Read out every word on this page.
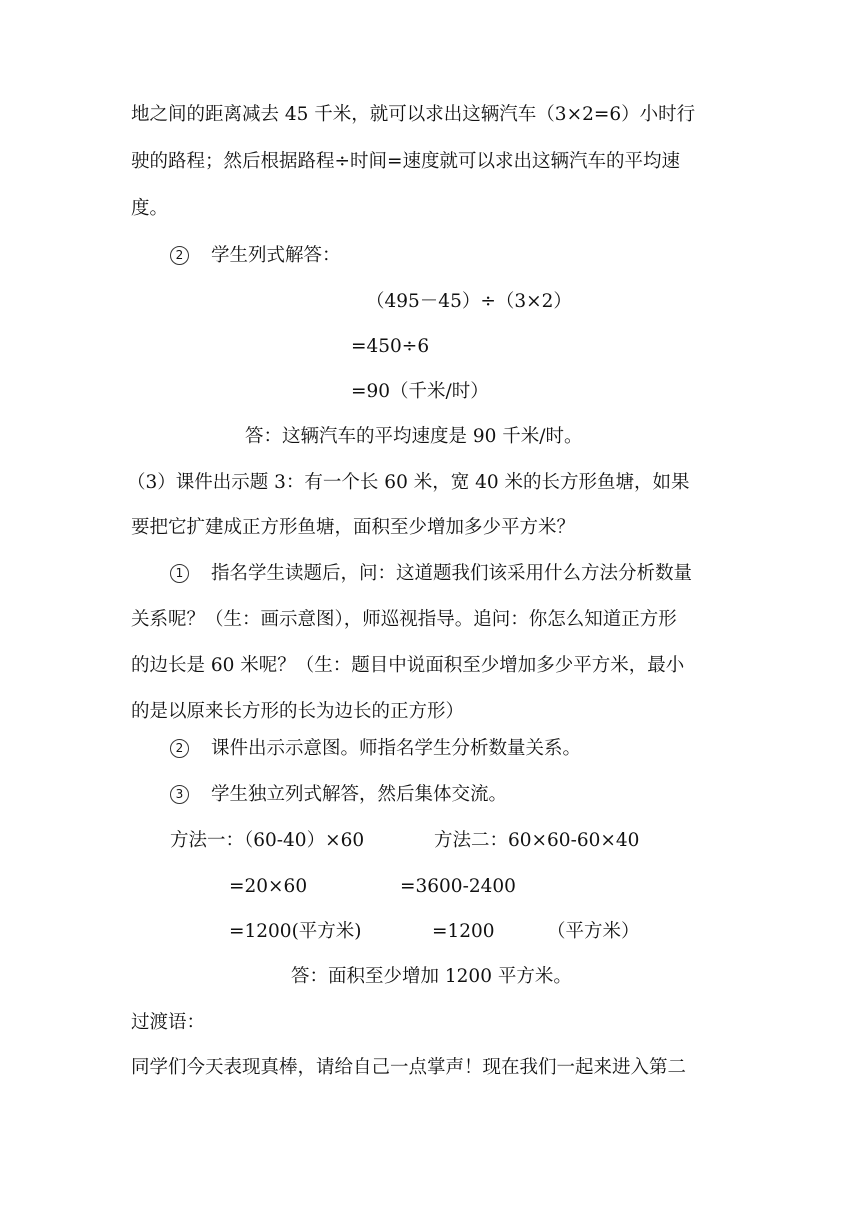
地之间的距离减去 45 千米，就可以求出这辆汽车（3×2=6）小时行
驶的路程；然后根据路程÷时间=速度就可以求出这辆汽车的平均速
度。
2 学生列式解答：
（495－45）÷（3×2）
=450÷6
=90（千米/时）
答：这辆汽车的平均速度是 90 千米/时。
（3）课件出示题 3：有一个长 60 米，宽 40 米的长方形鱼塘，如果
要把它扩建成正方形鱼塘，面积至少增加多少平方米？
1 指名学生读题后，问：这道题我们该采用什么方法分析数量
关系呢？（生：画示意图），师巡视指导。追问：你怎么知道正方形
的边长是 60 米呢？（生：题目中说面积至少增加多少平方米，最小
的是以原来长方形的长为边长的正方形）
2 课件出示示意图。师指名学生分析数量关系。
3 学生独立列式解答，然后集体交流。
方法一：（60-40）×60	方法二：60×60-60×40
=20×60	=3600-2400
=1200(平方米)	=1200	（平方米）
答：面积至少增加 1200 平方米。
过渡语：
同学们今天表现真棒，请给自己一点掌声！现在我们一起来进入第二
